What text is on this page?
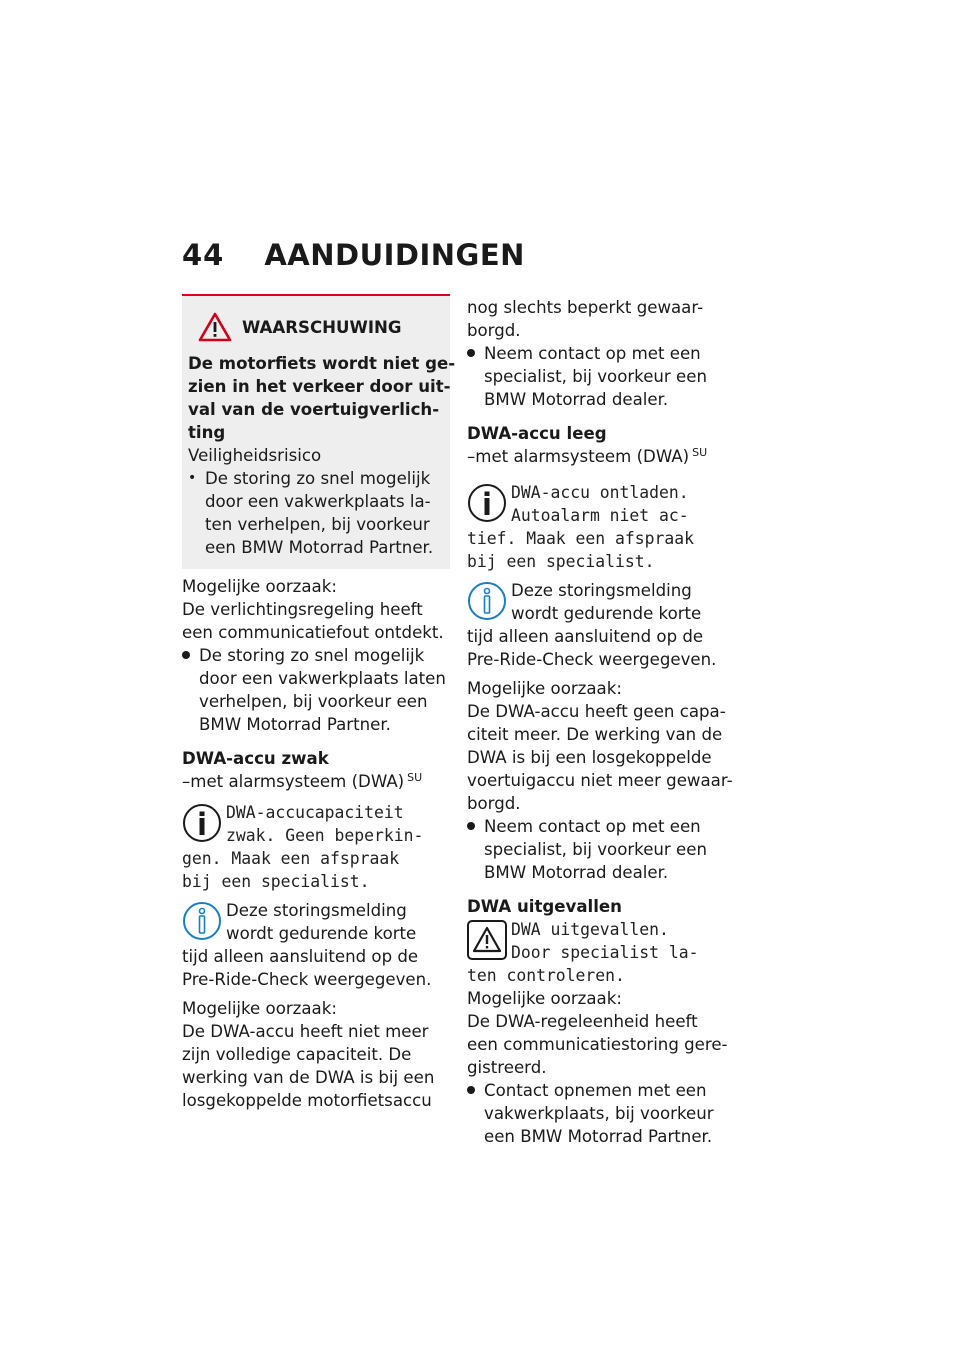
44 AANDUIDINGEN
WAARSCHUWING
De motorfiets wordt niet ge-
zien in het verkeer door uit-
val van de voertuigverlich-
ting
Veiligheidsrisico
• De storing zo snel mogelijk
door een vakwerkplaats la-
ten verhelpen, bij voorkeur
een BMW Motorrad Partner.
Mogelijke oorzaak:
De verlichtingsregeling heeft
een communicatiefout ontdekt.
De storing zo snel mogelijk
door een vakwerkplaats laten
verhelpen, bij voorkeur een
BMW Motorrad Partner.
DWA-accu zwak
–met alarmsysteem (DWA) $^{SU}$
DWA-accucapaciteit
zwak. Geen beperkin-
gen. Maak een afspraak
bij een specialist.
Deze storingsmelding
wordt gedurende korte
tijd alleen aansluitend op de
Pre-Ride-Check weergegeven.
Mogelijke oorzaak:
De DWA-accu heeft niet meer
zijn volledige capaciteit. De
werking van de DWA is bij een
losgekoppelde motorfietsaccu
nog slechts beperkt gewaar-
borgd.
Neem contact op met een
specialist, bij voorkeur een
BMW Motorrad dealer.
DWA-accu leeg
–met alarmsysteem (DWA) $^{SU}$
DWA-accu ontladen.
Autoalarm niet ac-
tief. Maak een afspraak
bij een specialist.
Deze storingsmelding
wordt gedurende korte
tijd alleen aansluitend op de
Pre-Ride-Check weergegeven.
Mogelijke oorzaak:
De DWA-accu heeft geen capa-
citeit meer. De werking van de
DWA is bij een losgekoppelde
voertuigaccu niet meer gewaar-
borgd.
Neem contact op met een
specialist, bij voorkeur een
BMW Motorrad dealer.
DWA uitgevallen
DWA uitgevallen.
Door specialist la-
ten controleren.
Mogelijke oorzaak:
De DWA-regeleenheid heeft
een communicatiestoring gere-
gistreerd.
Contact opnemen met een
vakwerkplaats, bij voorkeur
een BMW Motorrad Partner.
